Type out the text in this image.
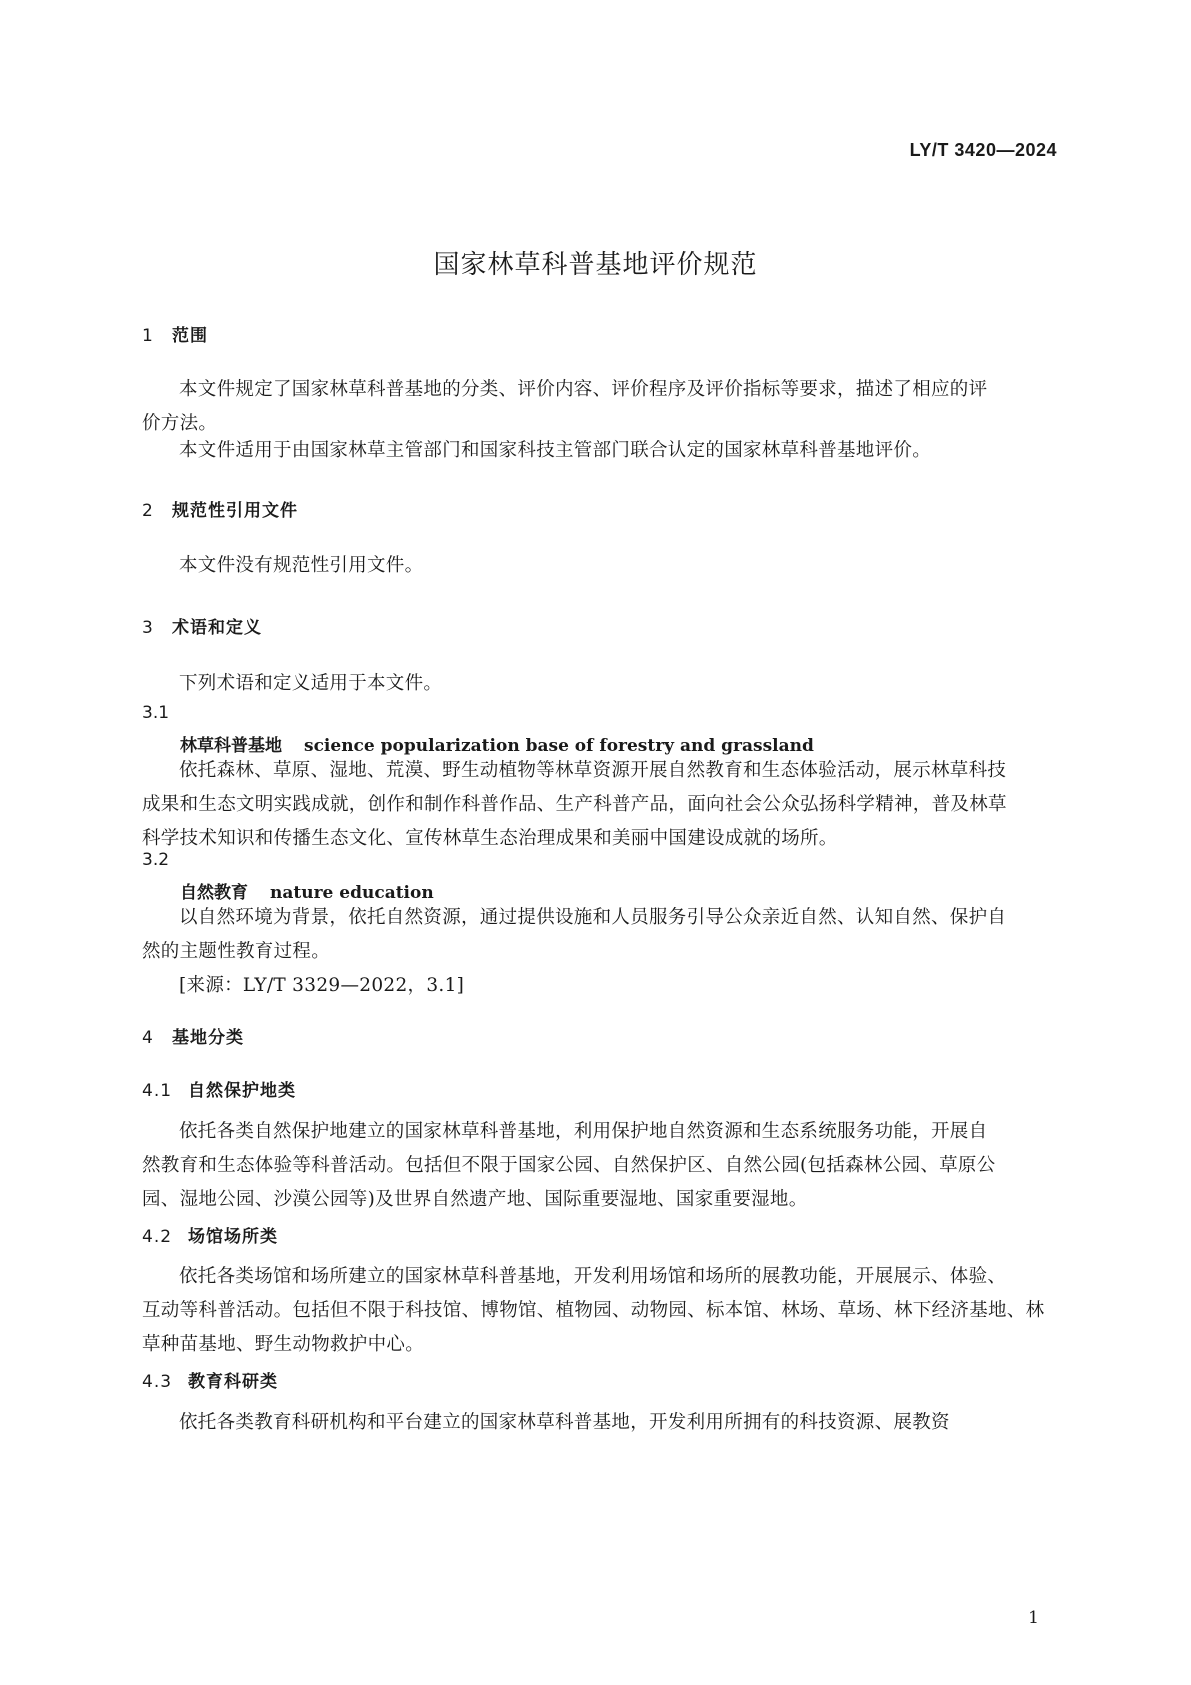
LY/T 3420—2024
国家林草科普基地评价规范
1 范围
本文件规定了国家林草科普基地的分类、评价内容、评价程序及评价指标等要求，描述了相应的评
价方法。
本文件适用于由国家林草主管部门和国家科技主管部门联合认定的国家林草科普基地评价。
2 规范性引用文件
本文件没有规范性引用文件。
3 术语和定义
下列术语和定义适用于本文件。
3.1
林草科普基地 science popularization base of forestry and grassland
依托森林、草原、湿地、荒漠、野生动植物等林草资源开展自然教育和生态体验活动，展示林草科技
成果和生态文明实践成就，创作和制作科普作品、生产科普产品，面向社会公众弘扬科学精神，普及林草
科学技术知识和传播生态文化、宣传林草生态治理成果和美丽中国建设成就的场所。
3.2
自然教育 nature education
以自然环境为背景，依托自然资源，通过提供设施和人员服务引导公众亲近自然、认知自然、保护自
然的主题性教育过程。
[来源：LY/T 3329—2022，3.1]
4 基地分类
4.1 自然保护地类
依托各类自然保护地建立的国家林草科普基地，利用保护地自然资源和生态系统服务功能，开展自
然教育和生态体验等科普活动。包括但不限于国家公园、自然保护区、自然公园(包括森林公园、草原公
园、湿地公园、沙漠公园等)及世界自然遗产地、国际重要湿地、国家重要湿地。
4.2 场馆场所类
依托各类场馆和场所建立的国家林草科普基地，开发利用场馆和场所的展教功能，开展展示、体验、
互动等科普活动。包括但不限于科技馆、博物馆、植物园、动物园、标本馆、林场、草场、林下经济基地、林
草种苗基地、野生动物救护中心。
4.3 教育科研类
依托各类教育科研机构和平台建立的国家林草科普基地，开发利用所拥有的科技资源、展教资
1
